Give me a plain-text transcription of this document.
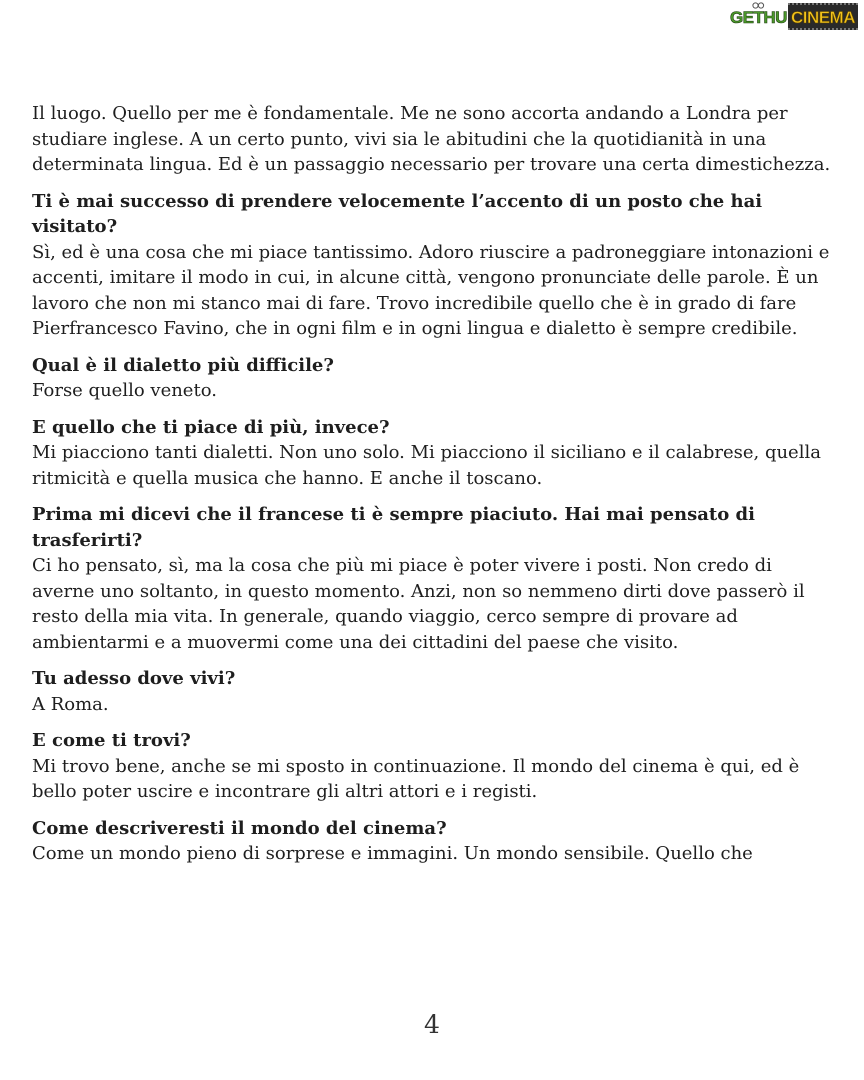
GETHU CINEMA
Il luogo. Quello per me è fondamentale. Me ne sono accorta andando a Londra per studiare inglese. A un certo punto, vivi sia le abitudini che la quotidianità in una determinata lingua. Ed è un passaggio necessario per trovare una certa dimestichezza.
Ti è mai successo di prendere velocemente l’accento di un posto che hai visitato?
Sì, ed è una cosa che mi piace tantissimo. Adoro riuscire a padroneggiare intonazioni e accenti, imitare il modo in cui, in alcune città, vengono pronunciate delle parole. È un lavoro che non mi stanco mai di fare. Trovo incredibile quello che è in grado di fare Pierfrancesco Favino, che in ogni film e in ogni lingua e dialetto è sempre credibile.
Qual è il dialetto più difficile?
Forse quello veneto.
E quello che ti piace di più, invece?
Mi piacciono tanti dialetti. Non uno solo. Mi piacciono il siciliano e il calabrese, quella ritmicità e quella musica che hanno. E anche il toscano.
Prima mi dicevi che il francese ti è sempre piaciuto. Hai mai pensato di trasferirti?
Ci ho pensato, sì, ma la cosa che più mi piace è poter vivere i posti. Non credo di averne uno soltanto, in questo momento. Anzi, non so nemmeno dirti dove passerò il resto della mia vita. In generale, quando viaggio, cerco sempre di provare ad ambientarmi e a muovermi come una dei cittadini del paese che visito.
Tu adesso dove vivi?
A Roma.
E come ti trovi?
Mi trovo bene, anche se mi sposto in continuazione. Il mondo del cinema è qui, ed è bello poter uscire e incontrare gli altri attori e i registi.
Come descriveresti il mondo del cinema?
Come un mondo pieno di sorprese e immagini. Un mondo sensibile. Quello che
4
